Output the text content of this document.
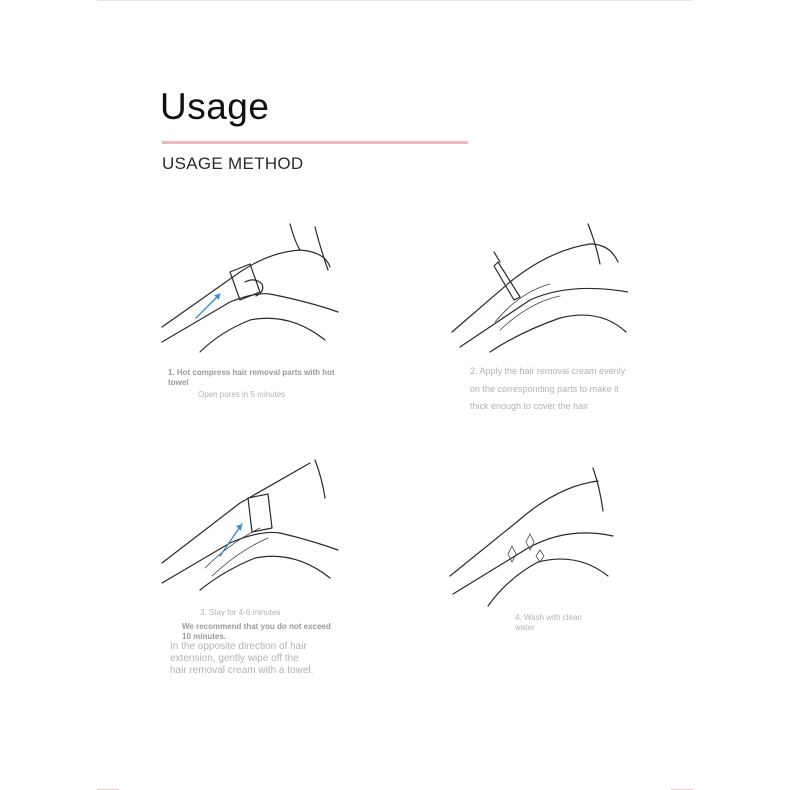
Usage
USAGE METHOD

1. Hot compress hair removal parts with hot towel

Open pores in 5 minutes

2. Apply the hair removal cream evenly

on the corresponding parts to make it

thick enough to cover the hair

3. Stay for 4-6 minutes

We recommend that you do not exceed 10 minutes.

In the opposite direction of hair extension, gently wipe off the hair removal cream with a towel.

4. Wash with clean water
